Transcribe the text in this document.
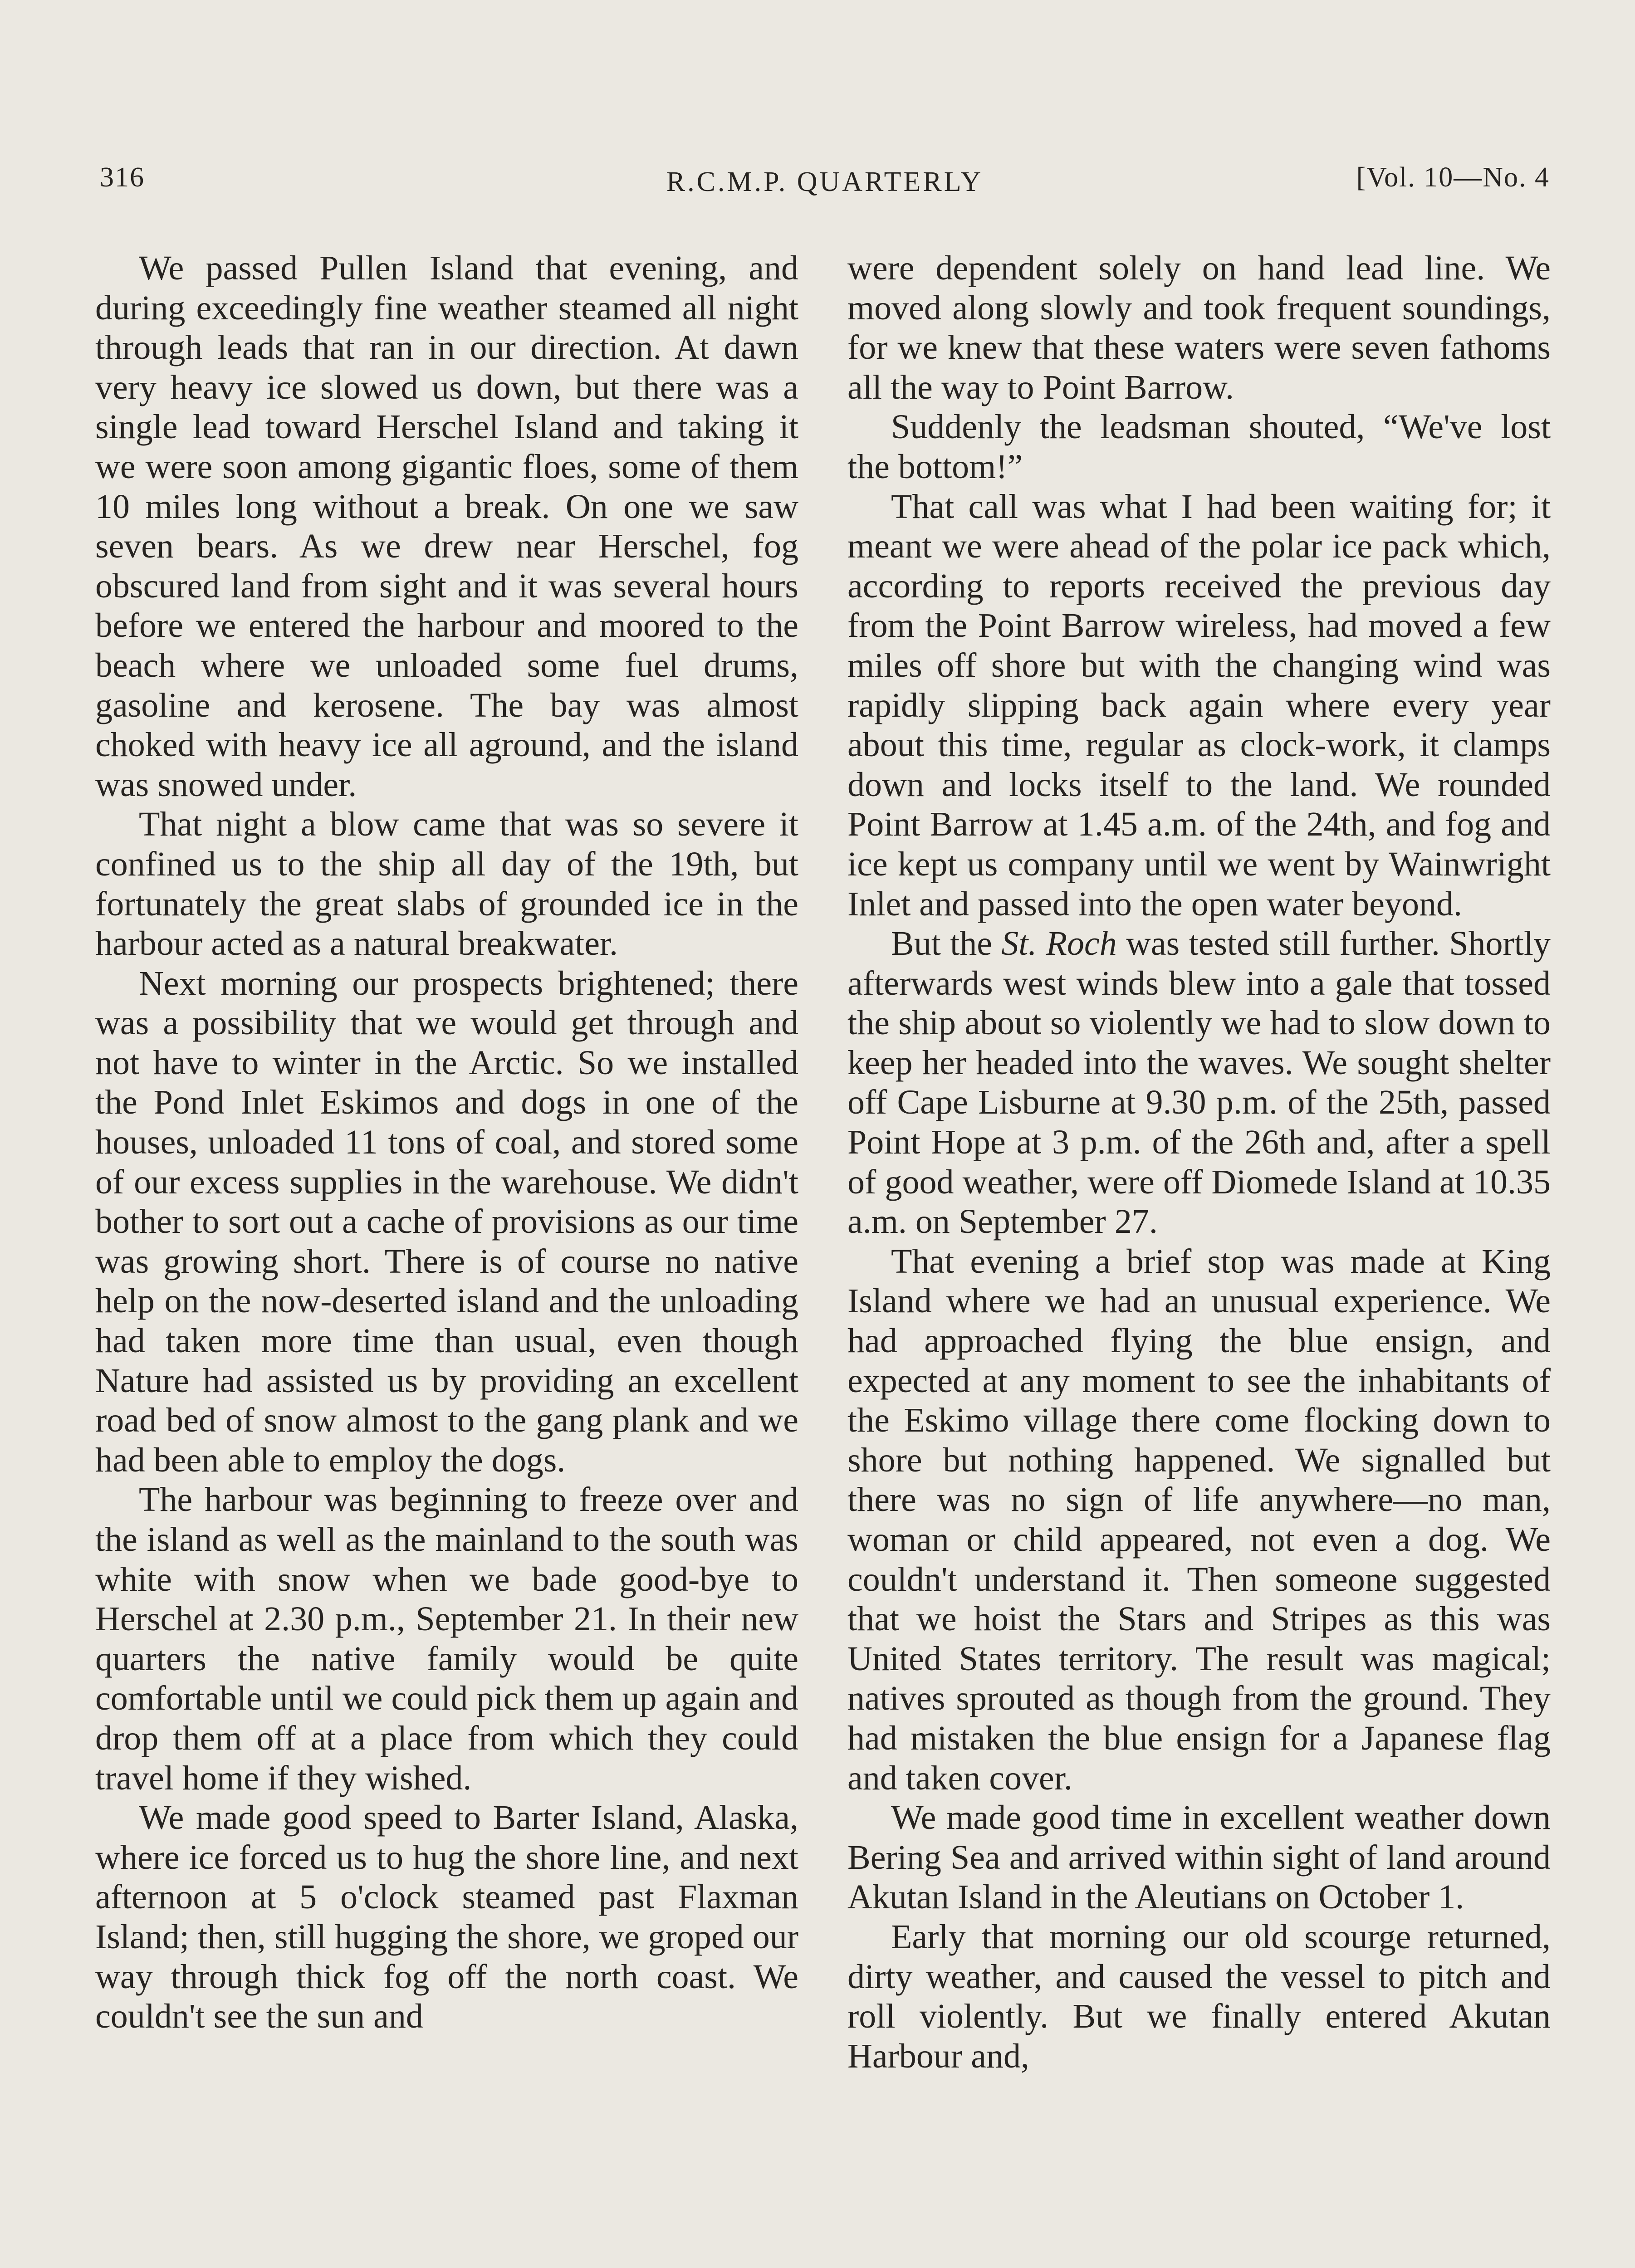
316	R.C.M.P. QUARTERLY	[Vol. 10—No. 4

We passed Pullen Island that evening, and during exceedingly fine weather steamed all night through leads that ran in our direction. At dawn very heavy ice slowed us down, but there was a single lead toward Herschel Island and taking it we were soon among gigantic floes, some of them 10 miles long without a break. On one we saw seven bears. As we drew near Herschel, fog obscured land from sight and it was several hours before we entered the harbour and moored to the beach where we unloaded some fuel drums, gasoline and kerosene. The bay was almost choked with heavy ice all aground, and the island was snowed under.

That night a blow came that was so severe it confined us to the ship all day of the 19th, but fortunately the great slabs of grounded ice in the harbour acted as a natural breakwater.

Next morning our prospects brightened; there was a possibility that we would get through and not have to winter in the Arctic. So we installed the Pond Inlet Eskimos and dogs in one of the houses, unloaded 11 tons of coal, and stored some of our excess supplies in the warehouse. We didn't bother to sort out a cache of provisions as our time was growing short. There is of course no native help on the now-deserted island and the unloading had taken more time than usual, even though Nature had assisted us by providing an excellent road bed of snow almost to the gang plank and we had been able to employ the dogs.

The harbour was beginning to freeze over and the island as well as the mainland to the south was white with snow when we bade good-bye to Herschel at 2.30 p.m., September 21. In their new quarters the native family would be quite comfortable until we could pick them up again and drop them off at a place from which they could travel home if they wished.

We made good speed to Barter Island, Alaska, where ice forced us to hug the shore line, and next afternoon at 5 o'clock steamed past Flaxman Island; then, still hugging the shore, we groped our way through thick fog off the north coast. We couldn't see the sun and

were dependent solely on hand lead line. We moved along slowly and took frequent soundings, for we knew that these waters were seven fathoms all the way to Point Barrow.

Suddenly the leadsman shouted, “We've lost the bottom!”

That call was what I had been waiting for; it meant we were ahead of the polar ice pack which, according to reports received the previous day from the Point Barrow wireless, had moved a few miles off shore but with the changing wind was rapidly slipping back again where every year about this time, regular as clock-work, it clamps down and locks itself to the land. We rounded Point Barrow at 1.45 a.m. of the 24th, and fog and ice kept us company until we went by Wainwright Inlet and passed into the open water beyond.

But the St. Roch was tested still further. Shortly afterwards west winds blew into a gale that tossed the ship about so violently we had to slow down to keep her headed into the waves. We sought shelter off Cape Lisburne at 9.30 p.m. of the 25th, passed Point Hope at 3 p.m. of the 26th and, after a spell of good weather, were off Diomede Island at 10.35 a.m. on September 27.

That evening a brief stop was made at King Island where we had an unusual experience. We had approached flying the blue ensign, and expected at any moment to see the inhabitants of the Eskimo village there come flocking down to shore but nothing happened. We signalled but there was no sign of life anywhere—no man, woman or child appeared, not even a dog. We couldn't understand it. Then someone suggested that we hoist the Stars and Stripes as this was United States territory. The result was magical; natives sprouted as though from the ground. They had mistaken the blue ensign for a Japanese flag and taken cover.

We made good time in excellent weather down Bering Sea and arrived within sight of land around Akutan Island in the Aleutians on October 1.

Early that morning our old scourge returned, dirty weather, and caused the vessel to pitch and roll violently. But we finally entered Akutan Harbour and,
